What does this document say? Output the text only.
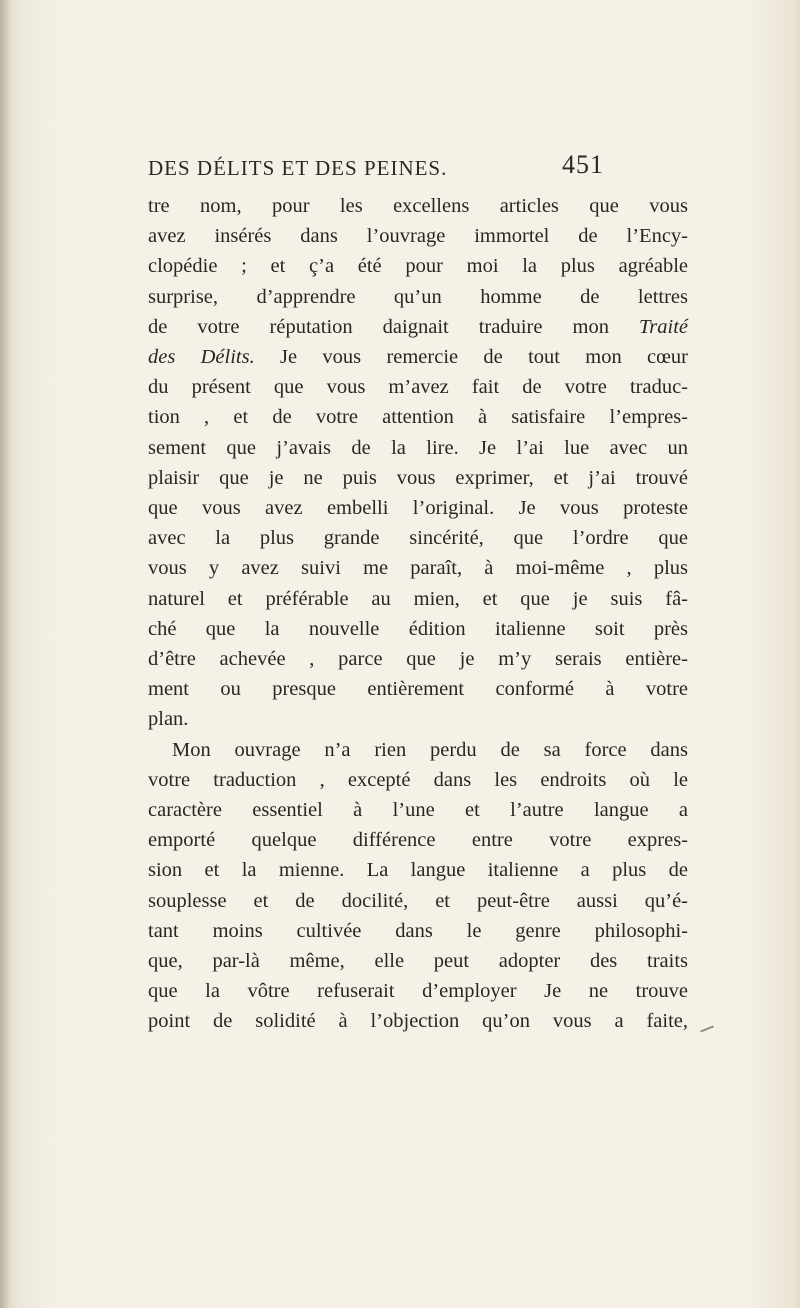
DES DÉLITS ET DES PEINES.	451
tre nom, pour les excellens articles que vous
avez insérés dans l’ouvrage immortel de l’Ency-
clopédie ; et ç’a été pour moi la plus agréable
surprise, d’apprendre qu’un homme de lettres
de votre réputation daignait traduire mon Traité
des Délits. Je vous remercie de tout mon cœur
du présent que vous m’avez fait de votre traduc-
tion , et de votre attention à satisfaire l’empres-
sement que j’avais de la lire. Je l’ai lue avec un
plaisir que je ne puis vous exprimer, et j’ai trouvé
que vous avez embelli l’original. Je vous proteste
avec la plus grande sincérité, que l’ordre que
vous y avez suivi me paraît, à moi-même , plus
naturel et préférable au mien, et que je suis fâ-
ché que la nouvelle édition italienne soit près
d’être achevée , parce que je m’y serais entière-
ment ou presque entièrement conformé à votre
plan.
Mon ouvrage n’a rien perdu de sa force dans
votre traduction , excepté dans les endroits où le
caractère essentiel à l’une et l’autre langue a
emporté quelque différence entre votre expres-
sion et la mienne. La langue italienne a plus de
souplesse et de docilité, et peut-être aussi qu’é-
tant moins cultivée dans le genre philosophi-
que, par-là même, elle peut adopter des traits
que la vôtre refuserait d’employer Je ne trouve
point de solidité à l’objection qu’on vous a faite,
